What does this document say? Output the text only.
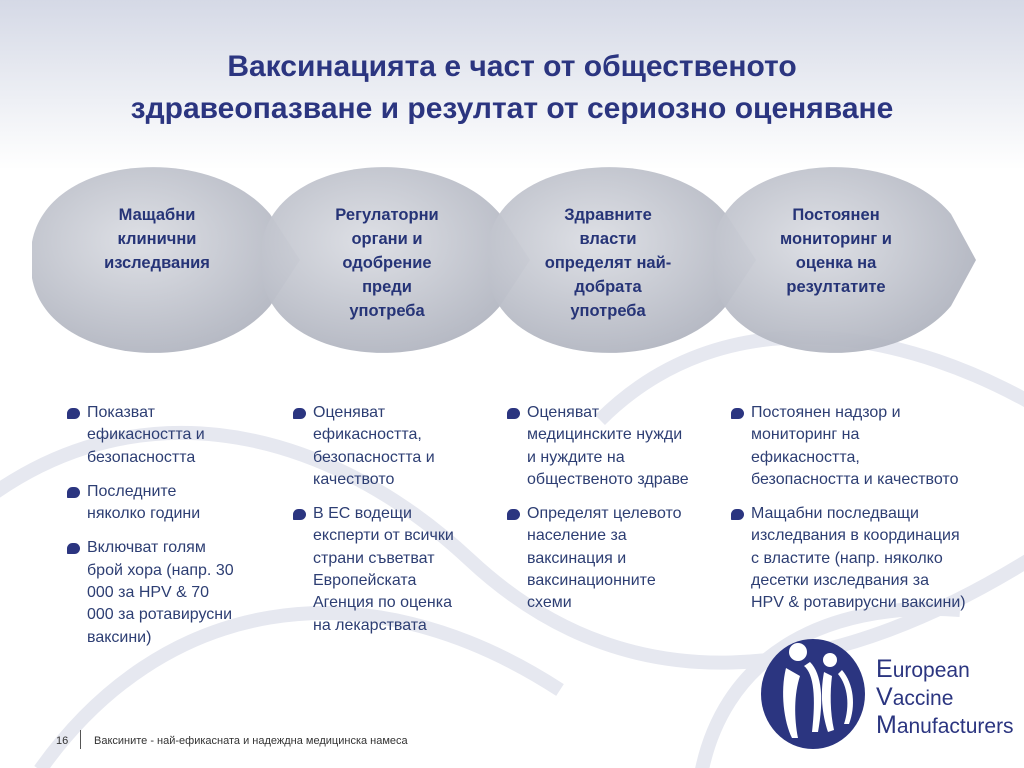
Ваксинацията е част от общественото
здравеопазване и резултат от сериозно оценяване
Мащабни
клинични
изследвания
Регулаторни
органи и
одобрение
преди
употреба
Здравните
власти
определят най-
добрата
употреба
Постоянен
мониторинг и
оценка на
резултатите
Показват
ефикасността и
безопасността
Последните
няколко години
Включват голям
брой хора (напр. 30
000 за HPV & 70
000 за ротавирусни
ваксини)
Оценяват
ефикасността,
безопасността и
качеството
В ЕС водещи
експерти от всички
страни съветват
Европейската
Агенция по оценка
на лекарствата
Оценяват
медицинските нужди
и нуждите на
общественото здраве
Определят целевото
население за
ваксинация и
ваксинационните
схеми
Постоянен надзор и
мониторинг на
ефикасността,
безопасността и качеството
Мащабни последващи
изследвания в координация
с властите (напр. няколко
десетки изследвания за
HPV & ротавирусни ваксини)
European
Vaccine
Manufacturers
16 Ваксините - най-ефикасната и надеждна медицинска намеса
